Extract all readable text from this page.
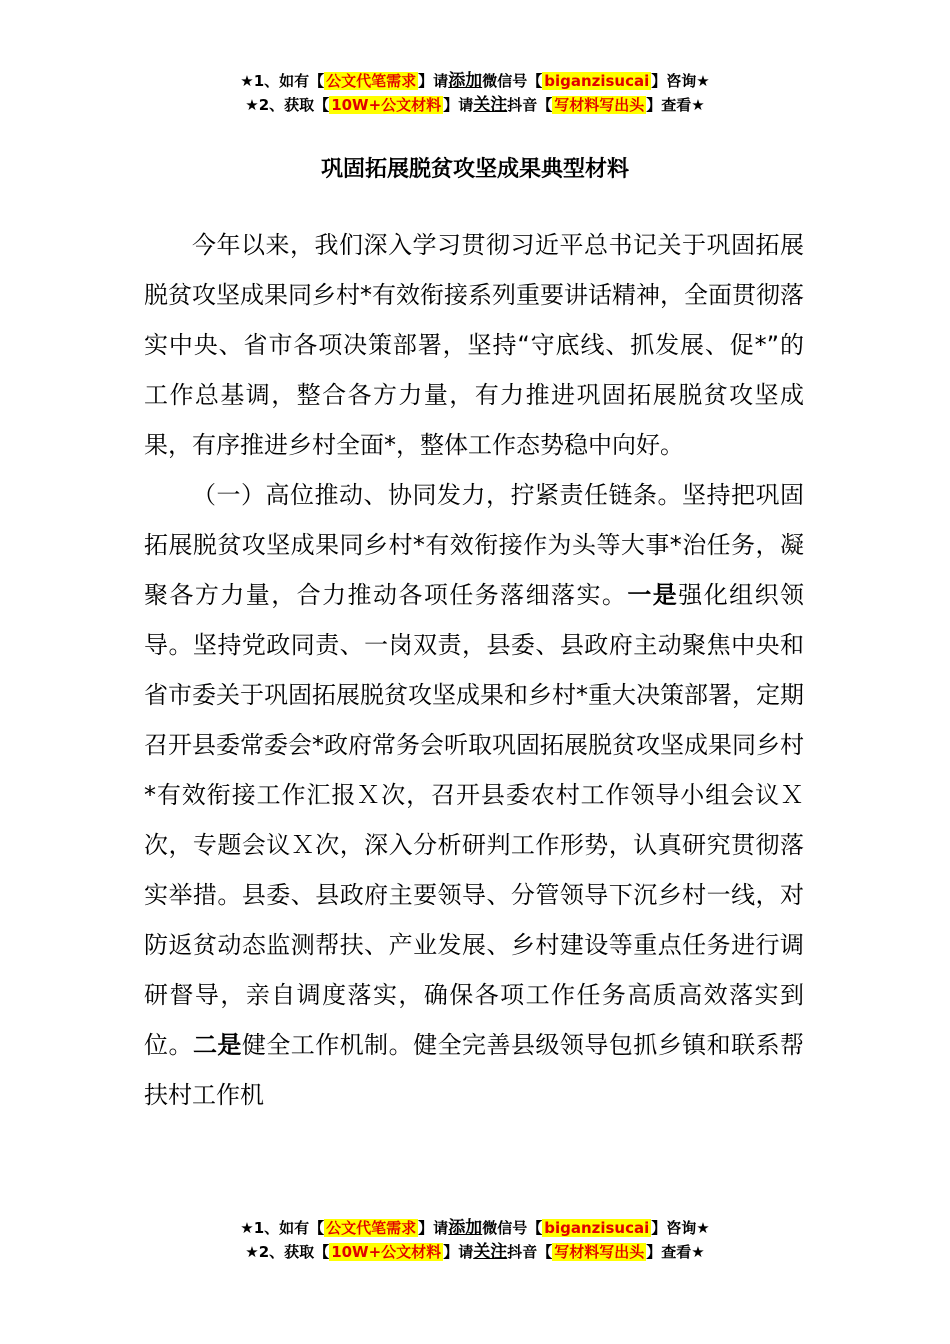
★1、如有【 公文代笔需求 】请添加微信号【 biganzisucai 】咨询★
★2、获取【 10W+公文材料 】请关注抖音【 写材料写出头 】查看★
巩固拓展脱贫攻坚成果典型材料

今年以来，我们深入学习贯彻习近平总书记关于巩固拓展脱贫攻坚成果同乡村*有效衔接系列重要讲话精神，全面贯彻落实中央、省市各项决策部署，坚持“守底线、抓发展、促*”的工作总基调，整合各方力量，有力推进巩固拓展脱贫攻坚成果，有序推进乡村全面*，整体工作态势稳中向好。

（一）高位推动、协同发力，拧紧责任链条。坚持把巩固拓展脱贫攻坚成果同乡村*有效衔接作为头等大事*治任务，凝聚各方力量，合力推动各项任务落细落实。一是强化组织领导。坚持党政同责、一岗双责，县委、县政府主动聚焦中央和省市委关于巩固拓展脱贫攻坚成果和乡村*重大决策部署，定期召开县委常委会*政府常务会听取巩固拓展脱贫攻坚成果同乡村*有效衔接工作汇报Ｘ次，召开县委农村工作领导小组会议Ｘ次，专题会议Ｘ次，深入分析研判工作形势，认真研究贯彻落实举措。县委、县政府主要领导、分管领导下沉乡村一线，对防返贫动态监测帮扶、产业发展、乡村建设等重点任务进行调研督导，亲自调度落实，确保各项工作任务高质高效落实到位。二是健全工作机制。健全完善县级领导包抓乡镇和联系帮扶村工作机

★1、如有【 公文代笔需求 】请添加微信号【 biganzisucai 】咨询★
★2、获取【 10W+公文材料 】请关注抖音【 写材料写出头 】查看★
